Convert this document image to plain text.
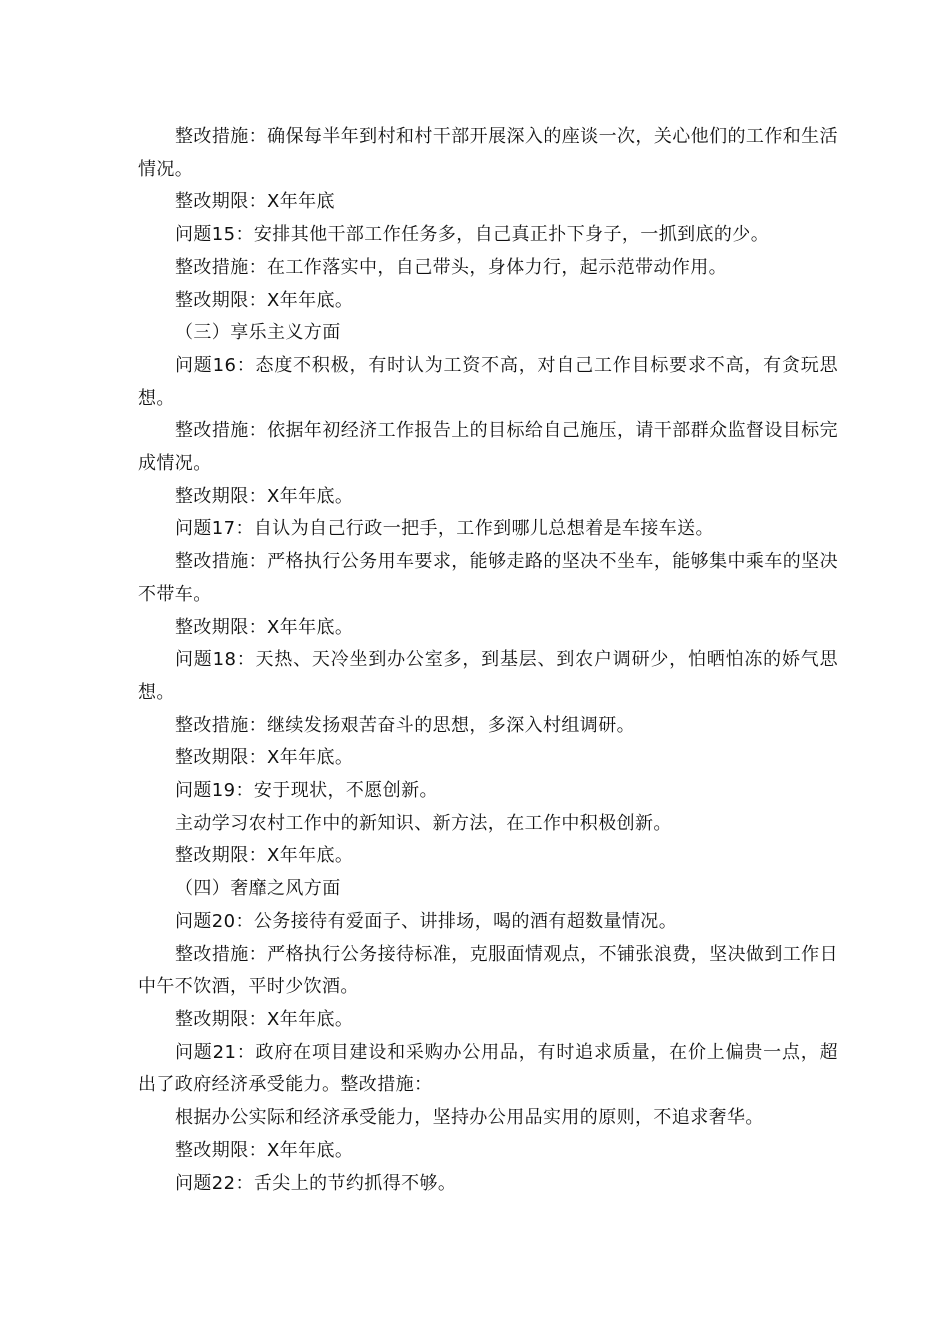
整改措施：确保每半年到村和村干部开展深入的座谈一次，关心他们的工作和生活情况。

整改期限：X年年底

问题15：安排其他干部工作任务多，自己真正扑下身子，一抓到底的少。

整改措施：在工作落实中，自己带头，身体力行，起示范带动作用。

整改期限：X年年底。

（三）享乐主义方面

问题16：态度不积极，有时认为工资不高，对自己工作目标要求不高，有贪玩思想。

整改措施：依据年初经济工作报告上的目标给自己施压，请干部群众监督设目标完成情况。

整改期限：X年年底。

问题17：自认为自己行政一把手，工作到哪儿总想着是车接车送。

整改措施：严格执行公务用车要求，能够走路的坚决不坐车，能够集中乘车的坚决不带车。

整改期限：X年年底。

问题18：天热、天冷坐到办公室多，到基层、到农户调研少，怕晒怕冻的娇气思想。

整改措施：继续发扬艰苦奋斗的思想，多深入村组调研。

整改期限：X年年底。

问题19：安于现状，不愿创新。

主动学习农村工作中的新知识、新方法，在工作中积极创新。

整改期限：X年年底。

（四）奢靡之风方面

问题20：公务接待有爱面子、讲排场，喝的酒有超数量情况。

整改措施：严格执行公务接待标准，克服面情观点，不铺张浪费，坚决做到工作日中午不饮酒，平时少饮酒。

整改期限：X年年底。

问题21：政府在项目建设和采购办公用品，有时追求质量，在价上偏贵一点，超出了政府经济承受能力。整改措施：

根据办公实际和经济承受能力，坚持办公用品实用的原则，不追求奢华。

整改期限：X年年底。

问题22：舌尖上的节约抓得不够。
